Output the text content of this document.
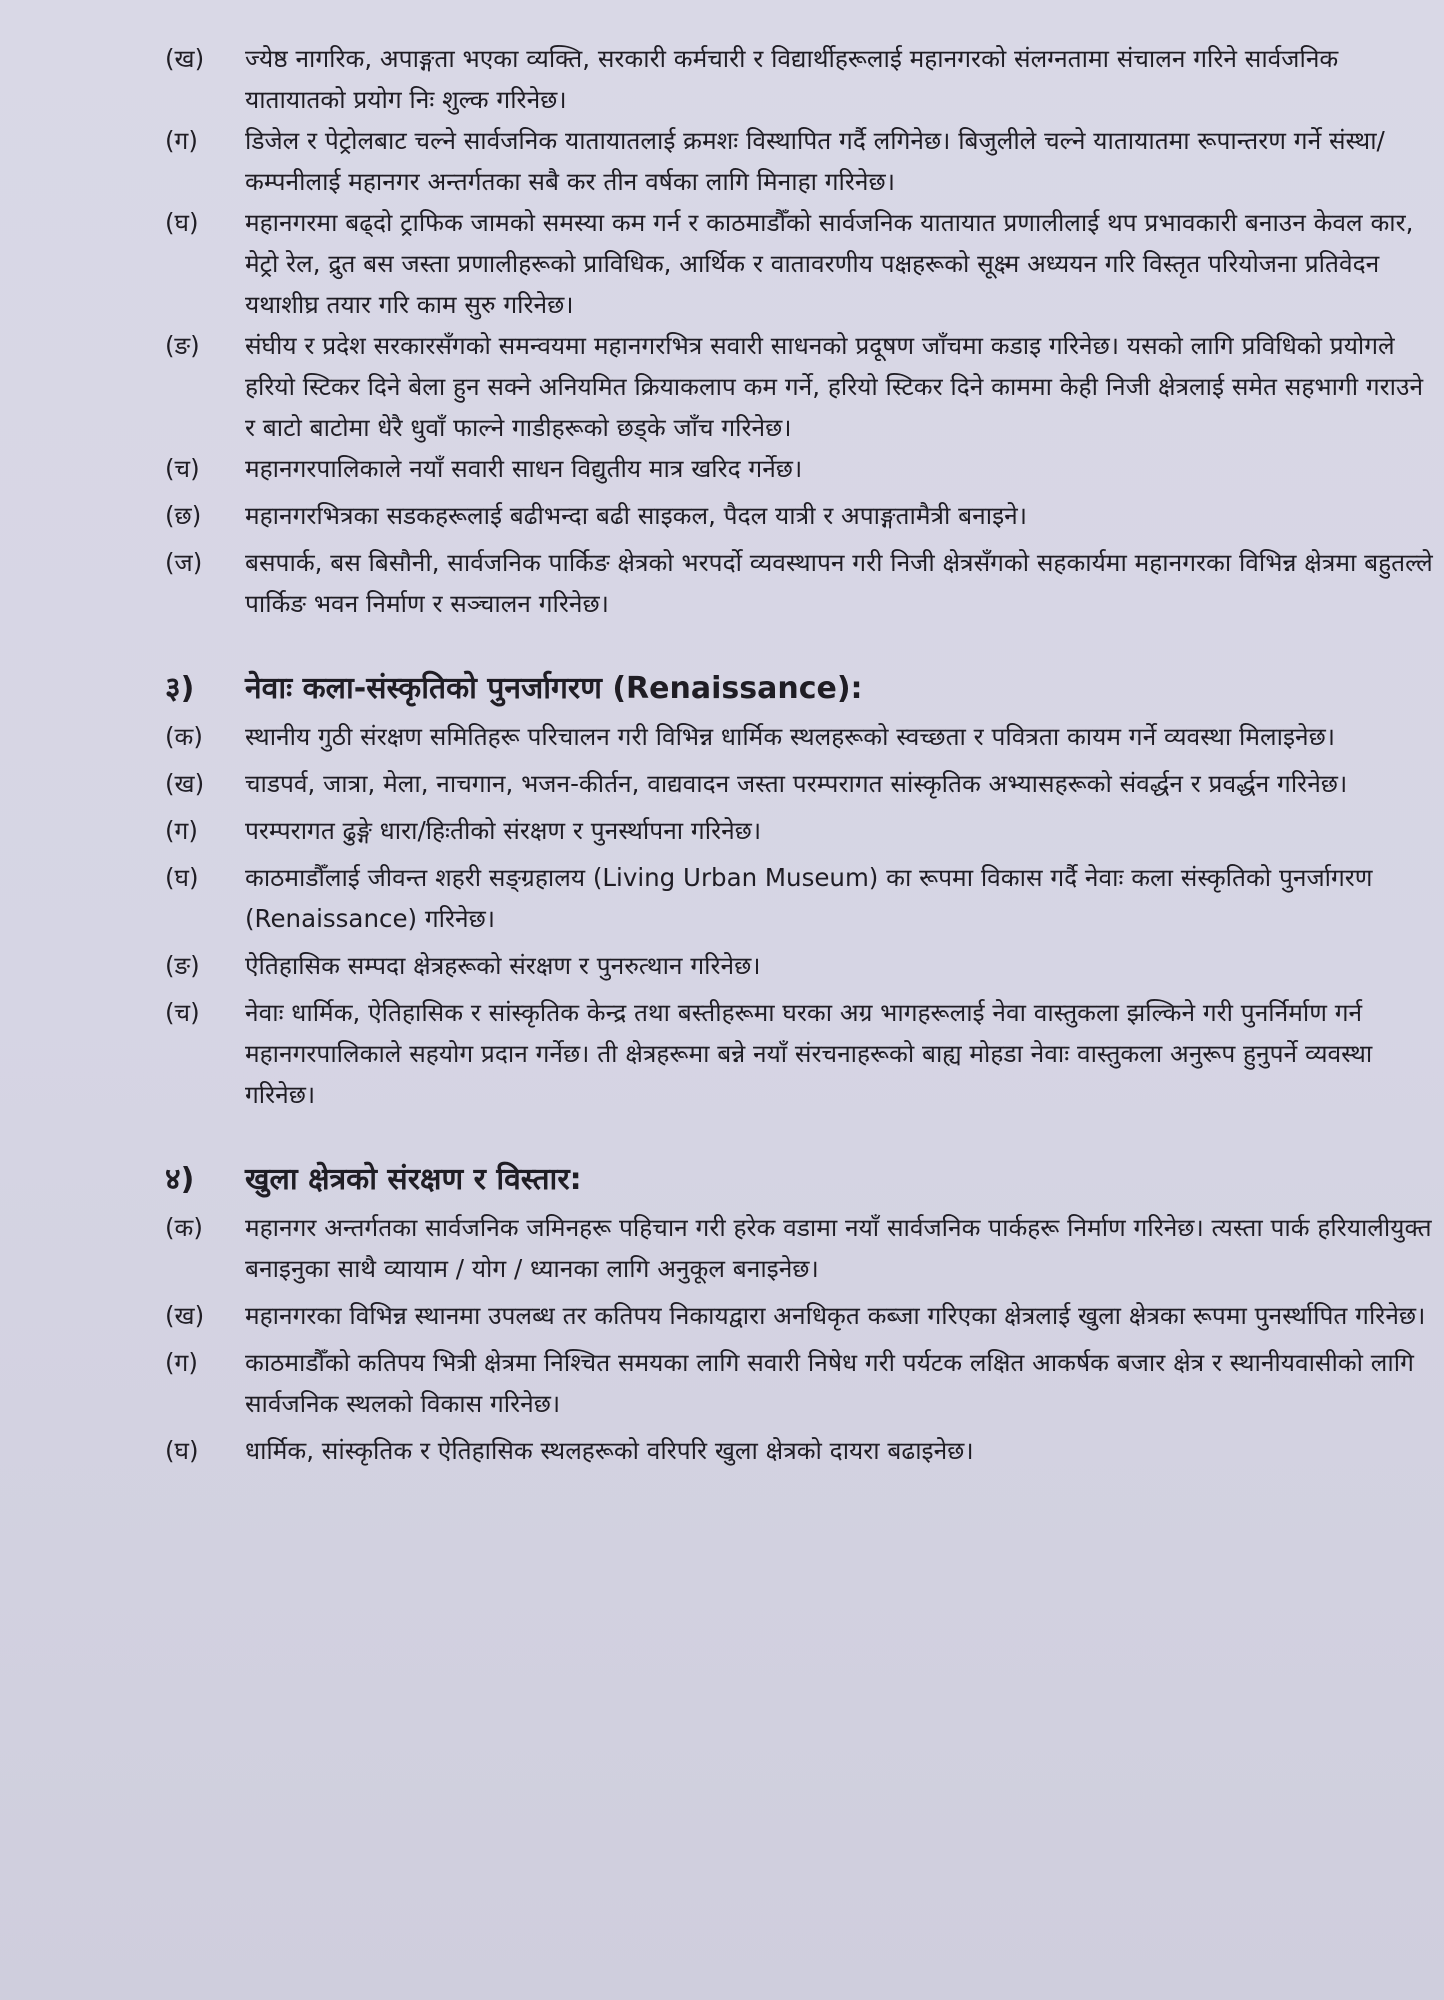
(ख)	ज्येष्ठ नागरिक, अपाङ्गता भएका व्यक्ति, सरकारी कर्मचारी र विद्यार्थीहरूलाई महानगरको संलग्नतामा संचालन गरिने सार्वजनिक यातायातको प्रयोग निः शुल्क गरिनेछ।

(ग)	डिजेल र पेट्रोलबाट चल्ने सार्वजनिक यातायातलाई क्रमशः विस्थापित गर्दै लगिनेछ। बिजुलीले चल्ने यातायातमा रूपान्तरण गर्ने संस्था/कम्पनीलाई महानगर अन्तर्गतका सबै कर तीन वर्षका लागि मिनाहा गरिनेछ।

(घ)	महानगरमा बढ्दो ट्राफिक जामको समस्या कम गर्न र काठमाडौँको सार्वजनिक यातायात प्रणालीलाई थप प्रभावकारी बनाउन केवल कार, मेट्रो रेल, द्रुत बस जस्ता प्रणालीहरूको प्राविधिक, आर्थिक र वातावरणीय पक्षहरूको सूक्ष्म अध्ययन गरि विस्तृत परियोजना प्रतिवेदन यथाशीघ्र तयार गरि काम सुरु गरिनेछ।

(ङ)	संघीय र प्रदेश सरकारसँगको समन्वयमा महानगरभित्र सवारी साधनको प्रदूषण जाँचमा कडाइ गरिनेछ। यसको लागि प्रविधिको प्रयोगले हरियो स्टिकर दिने बेला हुन सक्ने अनियमित क्रियाकलाप कम गर्ने, हरियो स्टिकर दिने काममा केही निजी क्षेत्रलाई समेत सहभागी गराउने र बाटो बाटोमा धेरै धुवाँ फाल्ने गाडीहरूको छड्के जाँच गरिनेछ।

(च)	महानगरपालिकाले नयाँ सवारी साधन विद्युतीय मात्र खरिद गर्नेछ।

(छ)	महानगरभित्रका सडकहरूलाई बढीभन्दा बढी साइकल, पैदल यात्री र अपाङ्गतामैत्री बनाइने।

(ज)	बसपार्क, बस बिसौनी, सार्वजनिक पार्किङ क्षेत्रको भरपर्दो व्यवस्थापन गरी निजी क्षेत्रसँगको सहकार्यमा महानगरका विभिन्न क्षेत्रमा बहुतल्ले पार्किङ भवन निर्माण र सञ्चालन गरिनेछ।

३)	नेवाः कला-संस्कृतिको पुनर्जागरण (Renaissance):
(क)	स्थानीय गुठी संरक्षण समितिहरू परिचालन गरी विभिन्न धार्मिक स्थलहरूको स्वच्छता र पवित्रता कायम गर्ने व्यवस्था मिलाइनेछ।

(ख)	चाडपर्व, जात्रा, मेला, नाचगान, भजन-कीर्तन, वाद्यवादन जस्ता परम्परागत सांस्कृतिक अभ्यासहरूको संवर्द्धन र प्रवर्द्धन गरिनेछ।

(ग)	परम्परागत ढुङ्गे धारा/हिःतीको संरक्षण र पुनर्स्थापना गरिनेछ।

(घ)	काठमाडौँलाई जीवन्त शहरी सङ्ग्रहालय (Living Urban Museum) का रूपमा विकास गर्दै नेवाः कला संस्कृतिको पुनर्जागरण (Renaissance) गरिनेछ।

(ङ)	ऐतिहासिक सम्पदा क्षेत्रहरूको संरक्षण र पुनरुत्थान गरिनेछ।

(च)	नेवाः धार्मिक, ऐतिहासिक र सांस्कृतिक केन्द्र तथा बस्तीहरूमा घरका अग्र भागहरूलाई नेवा वास्तुकला झल्किने गरी पुनर्निर्माण गर्न महानगरपालिकाले सहयोग प्रदान गर्नेछ। ती क्षेत्रहरूमा बन्ने नयाँ संरचनाहरूको बाह्य मोहडा नेवाः वास्तुकला अनुरूप हुनुपर्ने व्यवस्था गरिनेछ।

४)	खुला क्षेत्रको संरक्षण र विस्तार:
(क)	महानगर अन्तर्गतका सार्वजनिक जमिनहरू पहिचान गरी हरेक वडामा नयाँ सार्वजनिक पार्कहरू निर्माण गरिनेछ। त्यस्ता पार्क हरियालीयुक्त बनाइनुका साथै व्यायाम / योग / ध्यानका लागि अनुकूल बनाइनेछ।

(ख)	महानगरका विभिन्न स्थानमा उपलब्ध तर कतिपय निकायद्वारा अनधिकृत कब्जा गरिएका क्षेत्रलाई खुला क्षेत्रका रूपमा पुनर्स्थापित गरिनेछ।

(ग)	काठमाडौँको कतिपय भित्री क्षेत्रमा निश्चित समयका लागि सवारी निषेध गरी पर्यटक लक्षित आकर्षक बजार क्षेत्र र स्थानीयवासीको लागि सार्वजनिक स्थलको विकास गरिनेछ।

(घ)	धार्मिक, सांस्कृतिक र ऐतिहासिक स्थलहरूको वरिपरि खुला क्षेत्रको दायरा बढाइनेछ।
